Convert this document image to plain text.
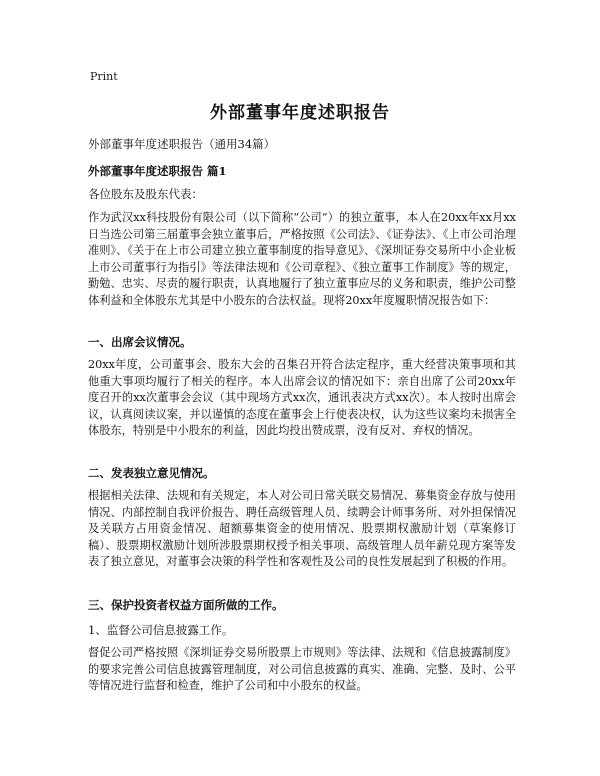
Print
外部董事年度述职报告
外部董事年度述职报告（通用34篇）
外部董事年度述职报告 篇1
各位股东及股东代表：
作为武汉xx科技股份有限公司（以下简称“公司”）的独立董事，本人在20xx年xx月xx日当选公司第三届董事会独立董事后，严格按照《公司法》、《证券法》、《上市公司治理准则》、《关于在上市公司建立独立董事制度的指导意见》、《深圳证券交易所中小企业板上市公司董事行为指引》等法律法规和《公司章程》、《独立董事工作制度》等的规定，勤勉、忠实、尽责的履行职责，认真地履行了独立董事应尽的义务和职责，维护公司整体利益和全体股东尤其是中小股东的合法权益。现将20xx年度履职情况报告如下：
一、出席会议情况。
20xx年度，公司董事会、股东大会的召集召开符合法定程序，重大经营决策事项和其他重大事项均履行了相关的程序。本人出席会议的情况如下：亲自出席了公司20xx年度召开的xx次董事会会议（其中现场方式xx次，通讯表决方式xx次）。本人按时出席会议，认真阅读议案，并以谨慎的态度在董事会上行使表决权，认为这些议案均未损害全体股东，特别是中小股东的利益，因此均投出赞成票，没有反对、弃权的情况。
二、发表独立意见情况。
根据相关法律、法规和有关规定，本人对公司日常关联交易情况、募集资金存放与使用情况、内部控制自我评价报告、聘任高级管理人员、续聘会计师事务所、对外担保情况及关联方占用资金情况、超额募集资金的使用情况、股票期权激励计划（草案修订稿）、股票期权激励计划所涉股票期权授予相关事项、高级管理人员年薪兑现方案等发表了独立意见，对董事会决策的科学性和客观性及公司的良性发展起到了积极的作用。
三、保护投资者权益方面所做的工作。
1、监督公司信息披露工作。
督促公司严格按照《深圳证券交易所股票上市规则》等法律、法规和《信息披露制度》的要求完善公司信息披露管理制度，对公司信息披露的真实、准确、完整、及时、公平等情况进行监督和检查，维护了公司和中小股东的权益。
